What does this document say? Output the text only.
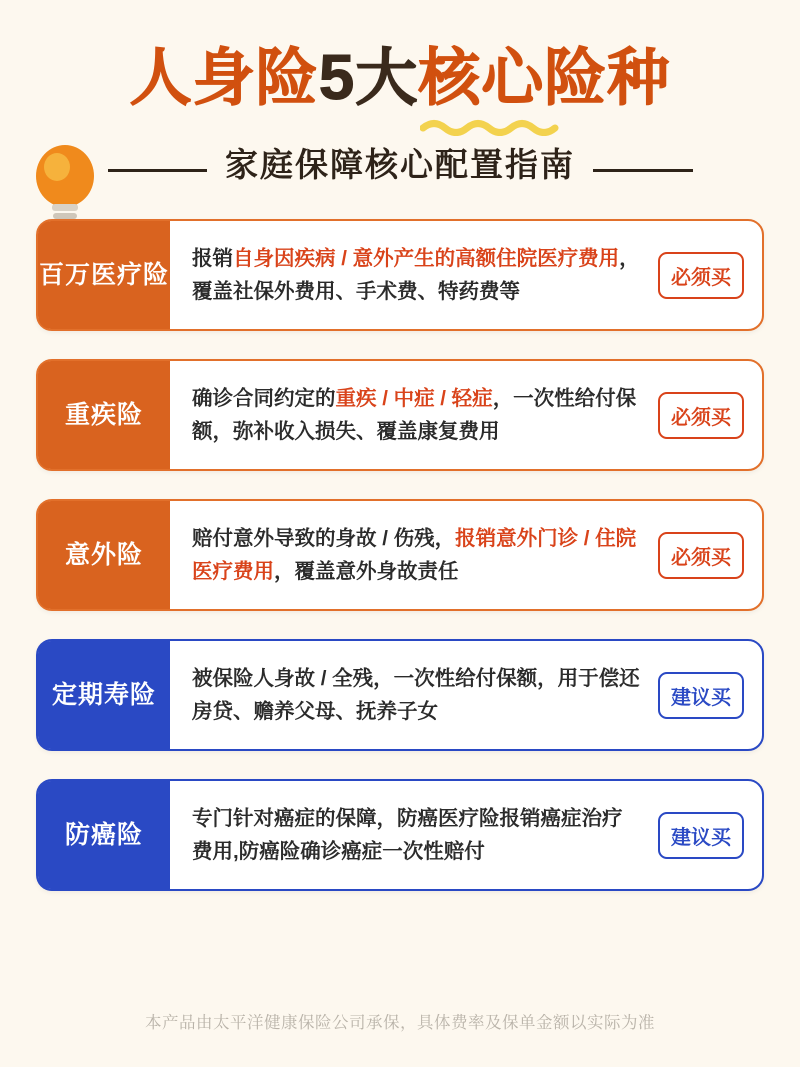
人身险5大核心险种
家庭保障核心配置指南
百万 医疗险
报销自身因疾病 / 意外产生的高额住院医疗费用，覆盖社保外费用、手术费、特药费等
必须买
重疾险
确诊合同约定的重疾 / 中症 / 轻症，一次性给付保额，弥补收入损失、覆盖康复费用
必须买
意外险
赔付意外导致的身故 / 伤残，报销意外门诊 / 住院医疗费用，覆盖意外身故责任
必须买
定期 寿险
被保险人身故 / 全残，一次性给付保额，用于偿还房贷、赡养父母、抚养子女
建议买
防癌险
专门针对癌症的保障，防癌医疗险报销癌症治疗费用,防癌险确诊癌症一次性赔付
建议买
本产品由太平洋健康保险公司承保，具体费率及保单金额以实际为准
